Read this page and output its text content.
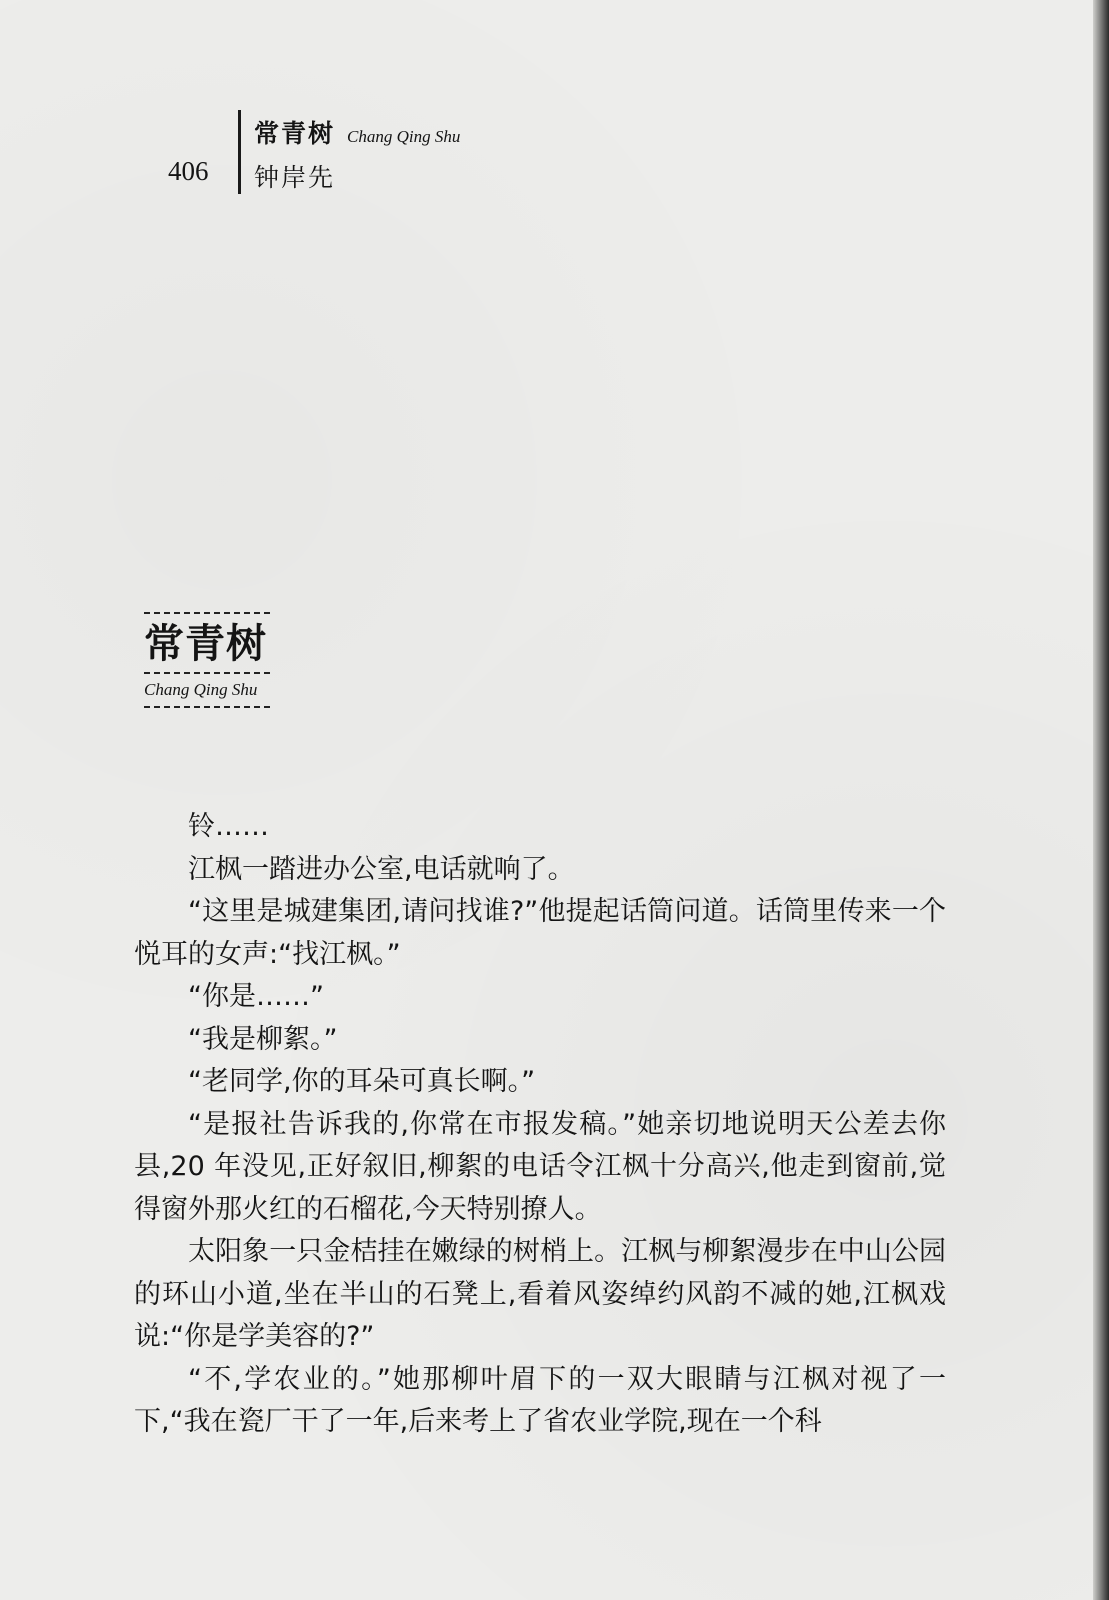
406
常青树 Chang Qing Shu
钟岸先
常青树
Chang Qing Shu

铃……

江枫一踏进办公室,电话就响了。

“这里是城建集团,请问找谁?”他提起话筒问道。话筒里传来一个悦耳的女声:“找江枫。”

“你是……”

“我是柳絮。”

“老同学,你的耳朵可真长啊。”

“是报社告诉我的,你常在市报发稿。”她亲切地说明天公差去你县,20 年没见,正好叙旧,柳絮的电话令江枫十分高兴,他走到窗前,觉得窗外那火红的石榴花,今天特别撩人。

太阳象一只金桔挂在嫩绿的树梢上。江枫与柳絮漫步在中山公园的环山小道,坐在半山的石凳上,看着风姿绰约风韵不减的她,江枫戏说:“你是学美容的?”

“不,学农业的。”她那柳叶眉下的一双大眼睛与江枫对视了一下,“我在瓷厂干了一年,后来考上了省农业学院,现在一个科
